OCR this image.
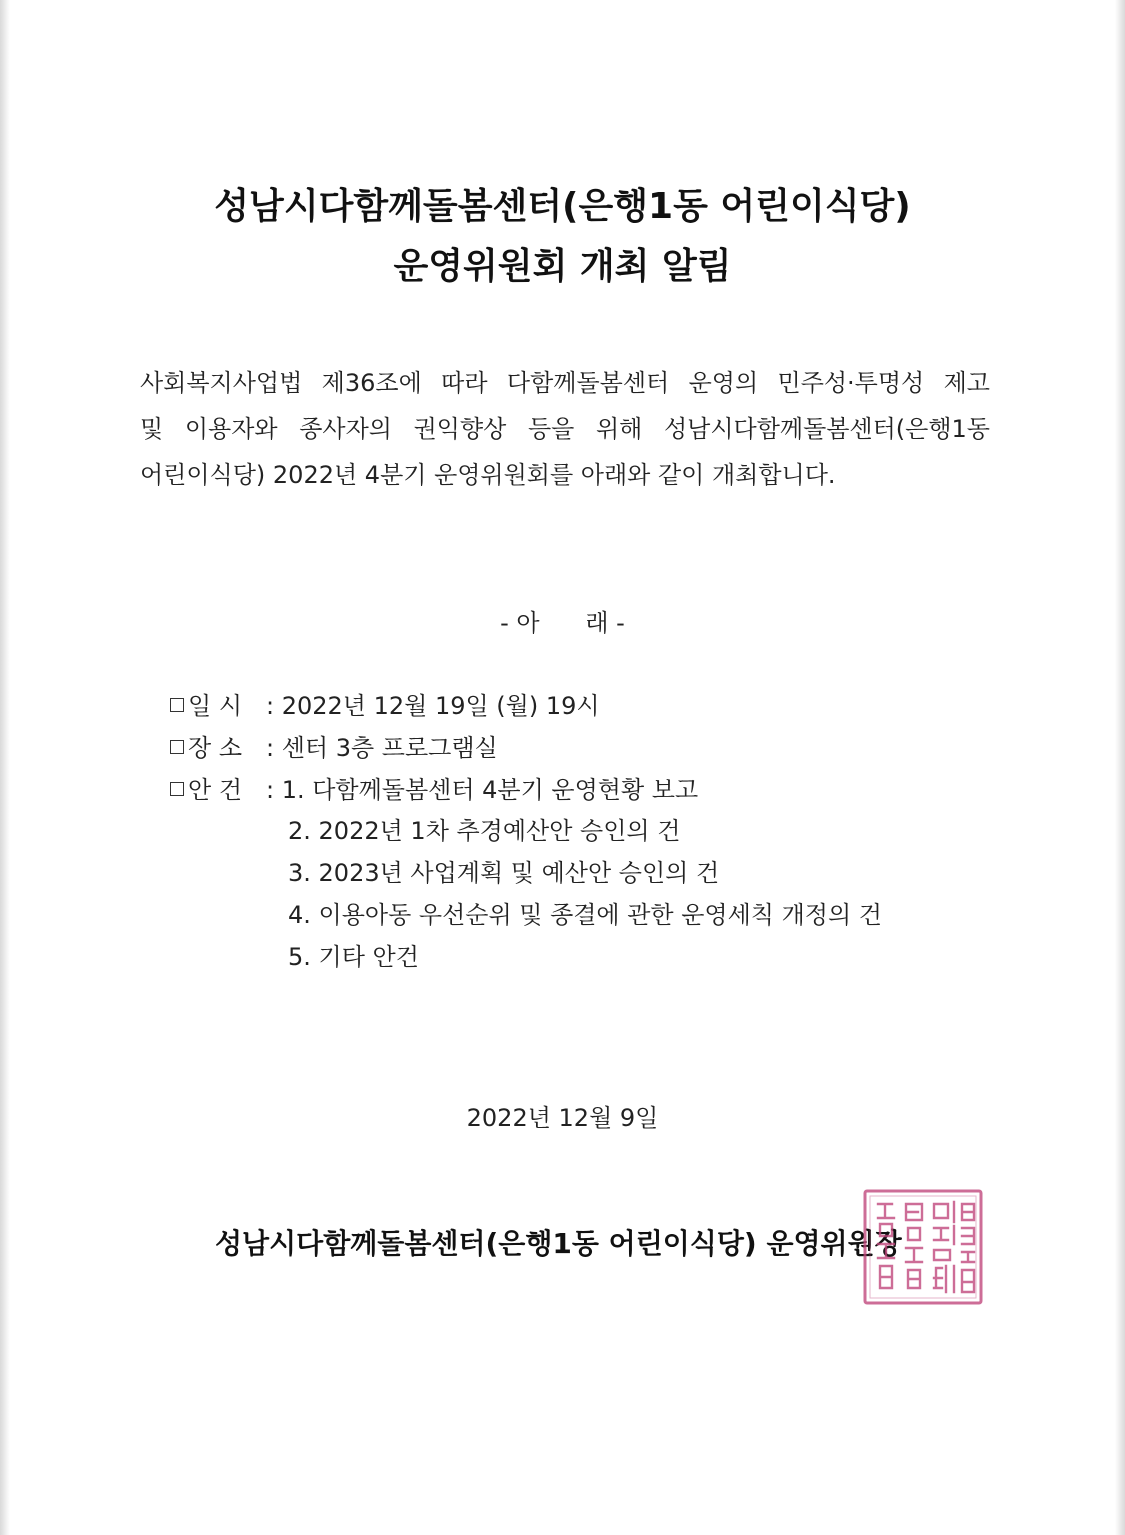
성남시다함께돌봄센터(은행1동 어린이식당)
운영위원회 개최 알림

사회복지사업법 제36조에 따라 다함께돌봄센터 운영의 민주성·투명성 제고
및 이용자와 종사자의 권익향상 등을 위해 성남시다함께돌봄센터(은행1동
어린이식당) 2022년 4분기 운영위원회를 아래와 같이 개최합니다.

- 아      래 -
일 시 : 2022년 12월 19일 (월) 19시
장 소 : 센터 3층 프로그램실
안 건 : 1. 다함께돌봄센터 4분기 운영현황 보고
2. 2022년 1차 추경예산안 승인의 건
3. 2023년 사업계획 및 예산안 승인의 건
4. 이용아동 우선순위 및 종결에 관한 운영세칙 개정의 건
5. 기타 안건
2022년 12월 9일
성남시다함께돌봄센터(은행1동 어린이식당) 운영위원장
